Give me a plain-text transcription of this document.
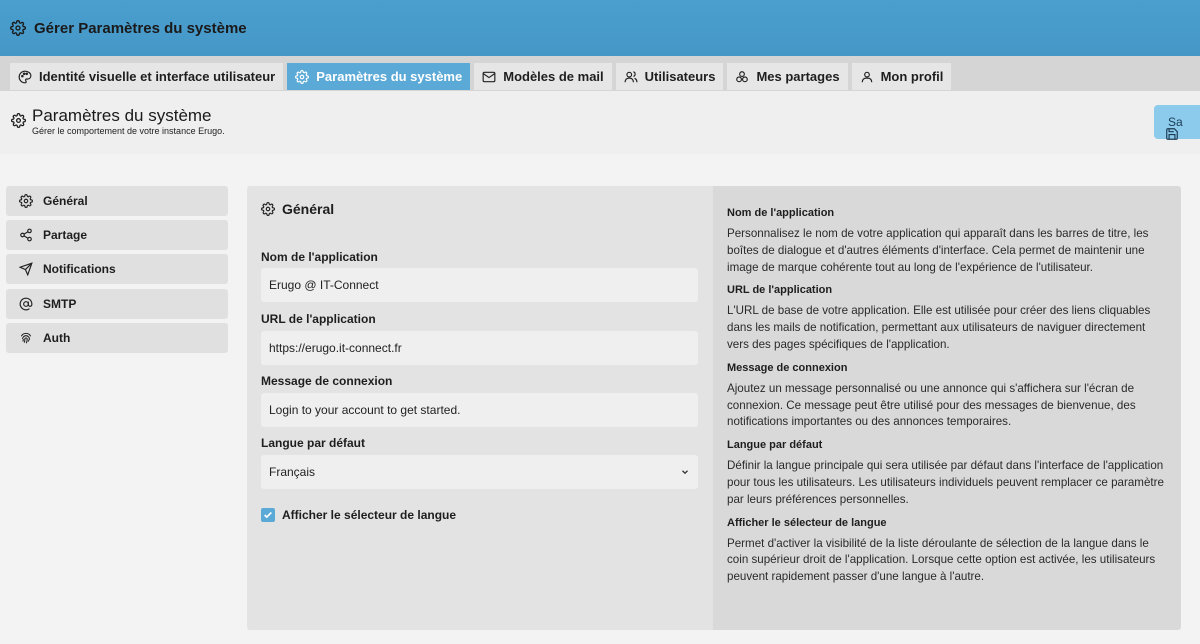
Gérer Paramètres du système
Identité visuelle et interface utilisateur	Paramètres du système	Modèles de mail	Utilisateurs	Mes partages	Mon profil
Paramètres du système
Gérer le comportement de votre instance Erugo.
Sa
Général
Partage
Notifications
SMTP
Auth
Général
Nom de l'application
Erugo @ IT-Connect
URL de l'application
https://erugo.it-connect.fr
Message de connexion
Login to your account to get started.
Langue par défaut
Français
Afficher le sélecteur de langue
Nom de l'application
Personnalisez le nom de votre application qui apparaît dans les barres de titre, les boîtes de dialogue et d'autres éléments d'interface. Cela permet de maintenir une image de marque cohérente tout au long de l'expérience de l'utilisateur.
URL de l'application
L'URL de base de votre application. Elle est utilisée pour créer des liens cliquables dans les mails de notification, permettant aux utilisateurs de naviguer directement vers des pages spécifiques de l'application.
Message de connexion
Ajoutez un message personnalisé ou une annonce qui s'affichera sur l'écran de connexion. Ce message peut être utilisé pour des messages de bienvenue, des notifications importantes ou des annonces temporaires.
Langue par défaut
Définir la langue principale qui sera utilisée par défaut dans l'interface de l'application pour tous les utilisateurs. Les utilisateurs individuels peuvent remplacer ce paramètre par leurs préférences personnelles.
Afficher le sélecteur de langue
Permet d'activer la visibilité de la liste déroulante de sélection de la langue dans le coin supérieur droit de l'application. Lorsque cette option est activée, les utilisateurs peuvent rapidement passer d'une langue à l'autre.
